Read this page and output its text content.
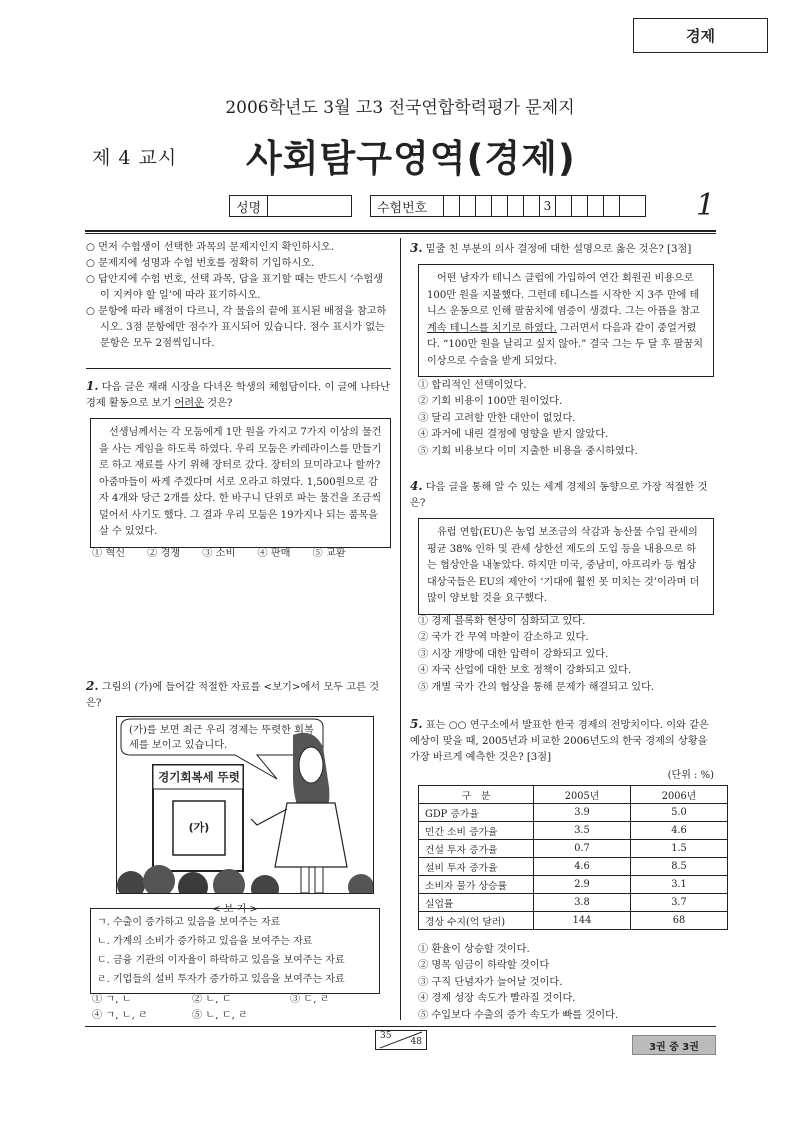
경제
2006학년도 3월 고3 전국연합학력평가 문제지
제 4 교시 사회탐구영역(경제)
1
성명	수험번호	3

○ 먼저 수험생이 선택한 과목의 문제지인지 확인하시오.

○ 문제지에 성명과 수험 번호를 정확히 기입하시오.

○ 답안지에 수험 번호, 선택 과목, 답을 표기할 때는 반드시 ‘수험생이 지켜야 할 일’에 따라 표기하시오.

○ 문항에 따라 배점이 다르니, 각 물음의 끝에 표시된 배점을 참고하시오. 3점 문항에만 점수가 표시되어 있습니다. 점수 표시가 없는 문항은 모두 2점씩입니다.

1. 다음 글은 재래 시장을 다녀온 학생의 체험담이다. 이 글에 나타난 경제 활동으로 보기 어려운 것은?
선생님께서는 각 모둠에게 1만 원을 가지고 7가지 이상의 물건을 사는 게임을 하도록 하였다. 우리 모둠은 카레라이스를 만들기로 하고 재료를 사기 위해 장터로 갔다. 장터의 묘미라고나 할까? 아줌마들이 싸게 주겠다며 서로 오라고 하였다. 1,500원으로 감자 4개와 당근 2개를 샀다. 한 바구니 단위로 파는 물건을 조금씩 덜어서 사기도 했다. 그 결과 우리 모둠은 19가지나 되는 품목을 살 수 있었다.
① 혁신 ② 경쟁 ③ 소비 ④ 판매 ⑤ 교환
2. 그림의 (가)에 들어갈 적절한 자료를 <보기>에서 모두 고른 것은?
(가)를 보면 최근 우리 경제는 뚜렷한 회복세를 보이고 있습니다.
경기회복세 뚜렷
(가)
< 보 기 >
ㄱ. 수출이 증가하고 있음을 보여주는 자료
ㄴ. 가계의 소비가 증가하고 있음을 보여주는 자료
ㄷ. 금융 기관의 이자율이 하락하고 있음을 보여주는 자료
ㄹ. 기업들의 설비 투자가 증가하고 있음을 보여주는 자료
① ㄱ, ㄴ	② ㄴ, ㄷ	③ ㄷ, ㄹ
④ ㄱ, ㄴ, ㄹ	⑤ ㄴ, ㄷ, ㄹ
3. 밑줄 친 부분의 의사 결정에 대한 설명으로 옳은 것은? [3점]
어떤 남자가 테니스 클럽에 가입하여 연간 회원권 비용으로 100만 원을 지불했다. 그런데 테니스를 시작한 지 3주 만에 테니스 운동으로 인해 팔꿈치에 염증이 생겼다. 그는 아픔을 참고 계속 테니스를 치기로 하였다. 그러면서 다음과 같이 중얼거렸다. “100만 원을 날리고 싶지 않아.” 결국 그는 두 달 후 팔꿈치 이상으로 수술을 받게 되었다.
① 합리적인 선택이었다.
② 기회 비용이 100만 원이었다.
③ 달리 고려할 만한 대안이 없었다.
④ 과거에 내린 결정에 영향을 받지 않았다.
⑤ 기회 비용보다 이미 지출한 비용을 중시하였다.
4. 다음 글을 통해 알 수 있는 세계 경제의 동향으로 가장 적절한 것은?
유럽 연합(EU)은 농업 보조금의 삭감과 농산물 수입 관세의 평균 38% 인하 및 관세 상한선 제도의 도입 등을 내용으로 하는 협상안을 내놓았다. 하지만 미국, 중남미, 아프리카 등 협상 대상국들은 EU의 제안이 ‘기대에 훨씬 못 미치는 것’이라며 더 많이 양보할 것을 요구했다.
① 경제 블록화 현상이 심화되고 있다.
② 국가 간 무역 마찰이 감소하고 있다.
③ 시장 개방에 대한 압력이 강화되고 있다.
④ 자국 산업에 대한 보호 정책이 강화되고 있다.
⑤ 개별 국가 간의 협상을 통해 문제가 해결되고 있다.
5. 표는 ○○ 연구소에서 발표한 한국 경제의 전망치이다. 이와 같은 예상이 맞을 때, 2005년과 비교한 2006년도의 한국 경제의 상황을 가장 바르게 예측한 것은? [3점]
(단위 : %)
구　분	2005년	2006년
GDP 증가율	3.9	5.0
민간 소비 증가율	3.5	4.6
건설 투자 증가율	0.7	1.5
설비 투자 증가율	4.6	8.5
소비자 물가 상승률	2.9	3.1
실업률	3.8	3.7
경상 수지(억 달러)	144	68
① 환율이 상승할 것이다.
② 명목 임금이 하락할 것이다
③ 구직 단념자가 늘어날 것이다.
④ 경제 성장 속도가 빨라질 것이다.
⑤ 수입보다 수출의 증가 속도가 빠를 것이다.
35
48	3권 중 3권
